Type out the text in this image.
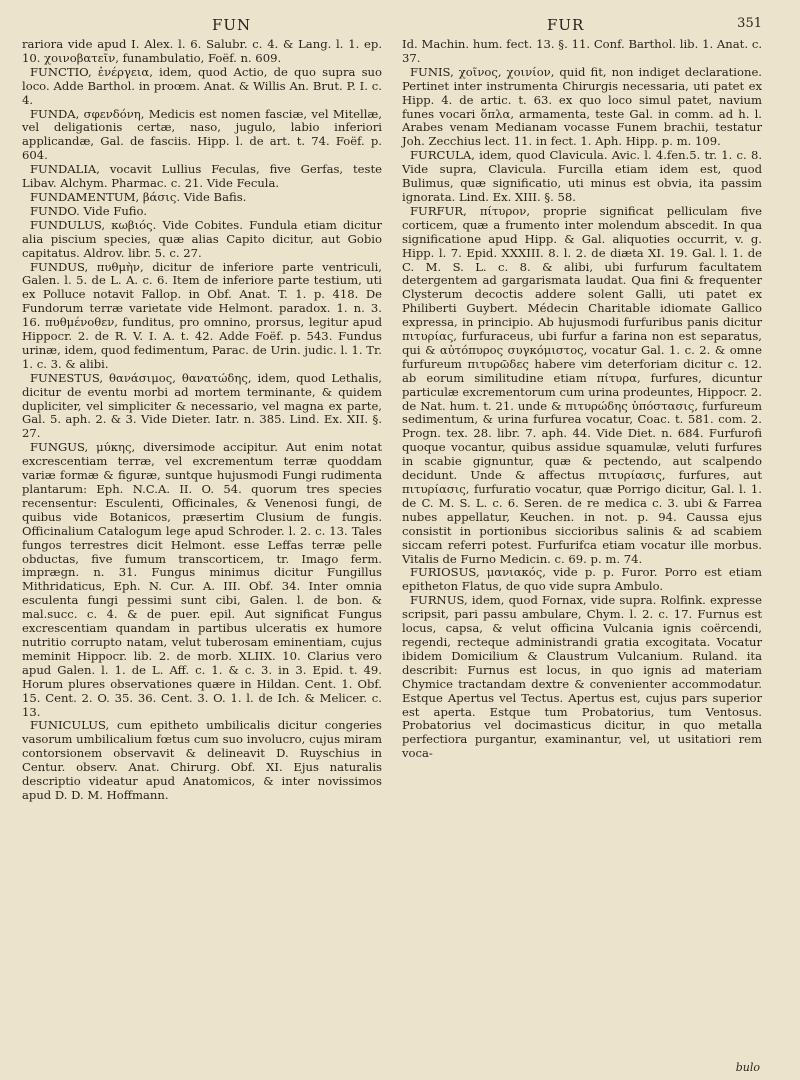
FUN	FUR	351

rariora vide apud I. Alex. l. 6. Salubr. c. 4. & Lang. l. 1. ep. 10. χοινοβατεῖν, funambulatio, Foëf. n. 609.

FUNCTIO, ἐνέργεια, idem, quod Actio, de quo supra suo loco. Adde Barthol. in proœm. Anat. & Willis An. Brut. P. I. c. 4.

FUNDA, σφενδόνη, Medicis est nomen fasciæ, vel Mitellæ, vel deligationis certæ, naso, jugulo, labio inferiori applicandæ, Gal. de fasciis. Hipp. l. de art. t. 74. Foëf. p. 604.

FUNDALIA, vocavit Lullius Feculas, five Gerfas, teste Libav. Alchym. Pharmac. c. 21. Vide Fecula.

FUNDAMENTUM, βάσις. Vide Bafis.

FUNDO. Vide Fufio.

FUNDULUS, κωβιός. Vide Cobites. Fundula etiam dicitur alia piscium species, quæ alias Capito dicitur, aut Gobio capitatus. Aldrov. libr. 5. c. 27.

FUNDUS, πυθμὴν, dicitur de inferiore parte ventriculi, Galen. l. 5. de L. A. c. 6. Item de inferiore parte testium, uti ex Polluce notavit Fallop. in Obf. Anat. T. 1. p. 418. De Fundorum terræ varietate vide Helmont. paradox. 1. n. 3. 16. πυθμένοθεν, funditus, pro omnino, prorsus, legitur apud Hippocr. 2. de R. V. I. A. t. 42. Adde Foëf. p. 543. Fundus urinæ, idem, quod fedimentum, Parac. de Urin. judic. l. 1. Tr. 1. c. 3. & alibi.

FUNESTUS, θανάσιμος, θανατώδης, idem, quod Lethalis, dicitur de eventu morbi ad mortem terminante, & quidem dupliciter, vel simpliciter & necessario, vel magna ex parte, Gal. 5. aph. 2. & 3. Vide Dieter. Iatr. n. 385. Lind. Ex. XII. §. 27.

FUNGUS, μύκης, diversimode accipitur. Aut enim notat excrescentiam terræ, vel excrementum terræ quoddam variæ formæ & figuræ, suntque hujusmodi Fungi rudimenta plantarum: Eph. N.C.A. II. O. 54. quorum tres species recensentur: Esculenti, Officinales, & Venenosi fungi, de quibus vide Botanicos, præsertim Clusium de fungis. Officinalium Catalogum lege apud Schroder. l. 2. c. 13. Tales fungos terrestres dicit Helmont. esse Leffas terræ pelle obductas, five fumum transcorticem, tr. Imago ferm. imprægn. n. 31. Fungus minimus dicitur Fungillus Mithridaticus, Eph. N. Cur. A. III. Obf. 34. Inter omnia esculenta fungi pessimi sunt cibi, Galen. l. de bon. & mal.succ. c. 4. & de puer. epil. Aut significat Fungus excrescentiam quandam in partibus ulceratis ex humore nutritio corrupto natam, velut tuberosam eminentiam, cujus meminit Hippocr. lib. 2. de morb. XLIIX. 10. Clarius vero apud Galen. l. 1. de L. Aff. c. 1. & c. 3. in 3. Epid. t. 49. Horum plures observationes quære in Hildan. Cent. 1. Obf. 15. Cent. 2. O. 35. 36. Cent. 3. O. 1. l. de Ich. & Melicer. c. 13.

FUNICULUS, cum epitheto umbilicalis dicitur congeries vasorum umbilicalium fœtus cum suo involucro, cujus miram contorsionem observavit & delineavit D. Ruyschius in Centur. observ. Anat. Chirurg. Obf. XI. Ejus naturalis descriptio videatur apud Anatomicos, & inter novissimos apud D. D. M. Hoffmann.

Id. Machin. hum. fect. 13. §. 11. Conf. Barthol. lib. 1. Anat. c. 37.

FUNIS, χοῖνος, χοινίον, quid fit, non indiget declaratione. Pertinet inter instrumenta Chirurgis necessaria, uti patet ex Hipp. 4. de artic. t. 63. ex quo loco simul patet, navium funes vocari ὅπλα, armamenta, teste Gal. in comm. ad h. l. Arabes venam Medianam vocasse Funem brachii, testatur Joh. Zecchius lect. 11. in fect. 1. Aph. Hipp. p. m. 109.

FURCULA, idem, quod Clavicula. Avic. l. 4.fen.5. tr. 1. c. 8. Vide supra, Clavicula. Furcilla etiam idem est, quod Bulimus, quæ significatio, uti minus est obvia, ita passim ignorata. Lind. Ex. XIII. §. 58.

FURFUR, πίτυρον, proprie significat pelliculam five corticem, quæ a frumento inter molendum abscedit. In qua significatione apud Hipp. & Gal. aliquoties occurrit, v. g. Hipp. l. 7. Epid. XXXIII. 8. l. 2. de diæta XI. 19. Gal. l. 1. de C. M. S. L. c. 8. & alibi, ubi furfurum facultatem detergentem ad gargarismata laudat. Qua fini & frequenter Clysterum decoctis addere solent Galli, uti patet ex Philiberti Guybert. Médecin Charitable idiomate Gallico expressa, in principio. Ab hujusmodi furfuribus panis dicitur πιτυρίας, furfuraceus, ubi furfur a farina non est separatus, qui & αὐτόπυρος συγκόμιστος, vocatur Gal. 1. c. 2. & omne furfureum πιτυρῶδες habere vim deterforiam dicitur c. 12. ab eorum similitudine etiam πίτυρα, furfures, dicuntur particulæ excrementorum cum urina prodeuntes, Hippocr. 2. de Nat. hum. t. 21. unde & πιτυρώδης ὑπόστασις, furfureum sedimentum, & urina furfurea vocatur, Coac. t. 581. com. 2. Progn. tex. 28. libr. 7. aph. 44. Vide Diet. n. 684. Furfurofi quoque vocantur, quibus assidue squamulæ, veluti furfures in scabie gignuntur, quæ & pectendo, aut scalpendo decidunt. Unde & affectus πιτυρίασις, furfures, aut πιτυρίασις, furfuratio vocatur, quæ Porrigo dicitur, Gal. l. 1. de C. M. S. L. c. 6. Seren. de re medica c. 3. ubi & Farrea nubes appellatur, Keuchen. in not. p. 94. Caussa ejus consistit in portionibus siccioribus salinis & ad scabiem siccam referri potest. Furfurifca etiam vocatur ille morbus. Vitalis de Furno Medicin. c. 69. p. m. 74.

FURIOSUS, μανιακός, vide p. p. Furor. Porro est etiam epitheton Flatus, de quo vide supra Ambulo.

FURNUS, idem, quod Fornax, vide supra. Rolfink. expresse scripsit, pari passu ambulare, Chym. l. 2. c. 17. Furnus est locus, capsa, & velut officina Vulcania ignis coërcendi, regendi, recteque administrandi gratia excogitata. Vocatur ibidem Domicilium & Claustrum Vulcanium. Ruland. ita describit: Furnus est locus, in quo ignis ad materiam Chymice tractandam dextre & convenienter accommodatur. Estque Apertus vel Tectus. Apertus est, cujus pars superior est aperta. Estque tum Probatorius, tum Ventosus. Probatorius vel docimasticus dicitur, in quo metalla perfectiora purgantur, examinantur, vel, ut usitatiori rem voca-

bulo
